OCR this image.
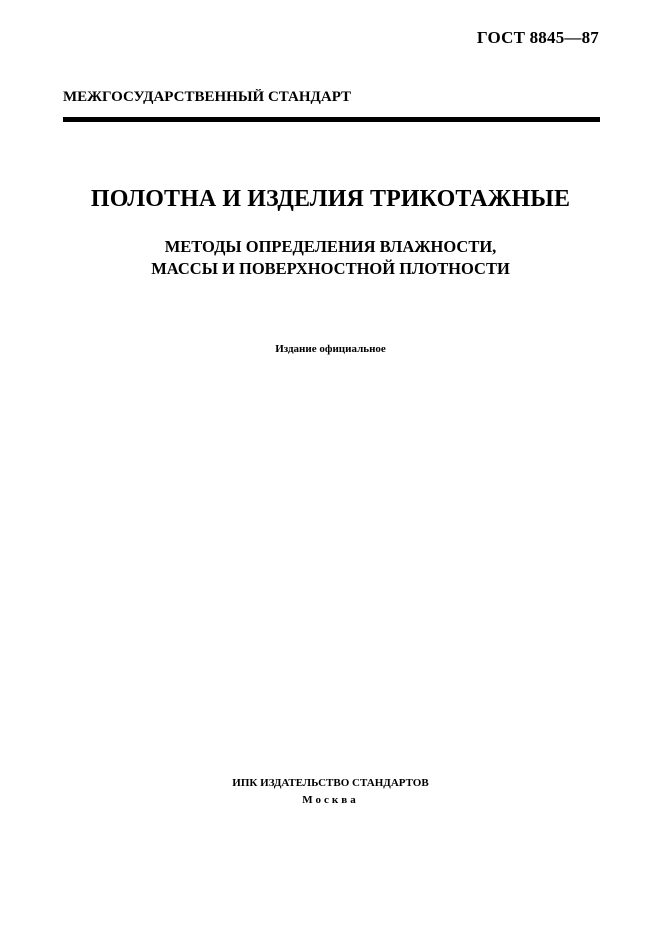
ГОСТ 8845—87
МЕЖГОСУДАРСТВЕННЫЙ СТАНДАРТ
ПОЛОТНА И ИЗДЕЛИЯ ТРИКОТАЖНЫЕ
МЕТОДЫ ОПРЕДЕЛЕНИЯ ВЛАЖНОСТИ,
МАССЫ И ПОВЕРХНОСТНОЙ ПЛОТНОСТИ
Издание официальное
ИПК ИЗДАТЕЛЬСТВО СТАНДАРТОВ
Москва
